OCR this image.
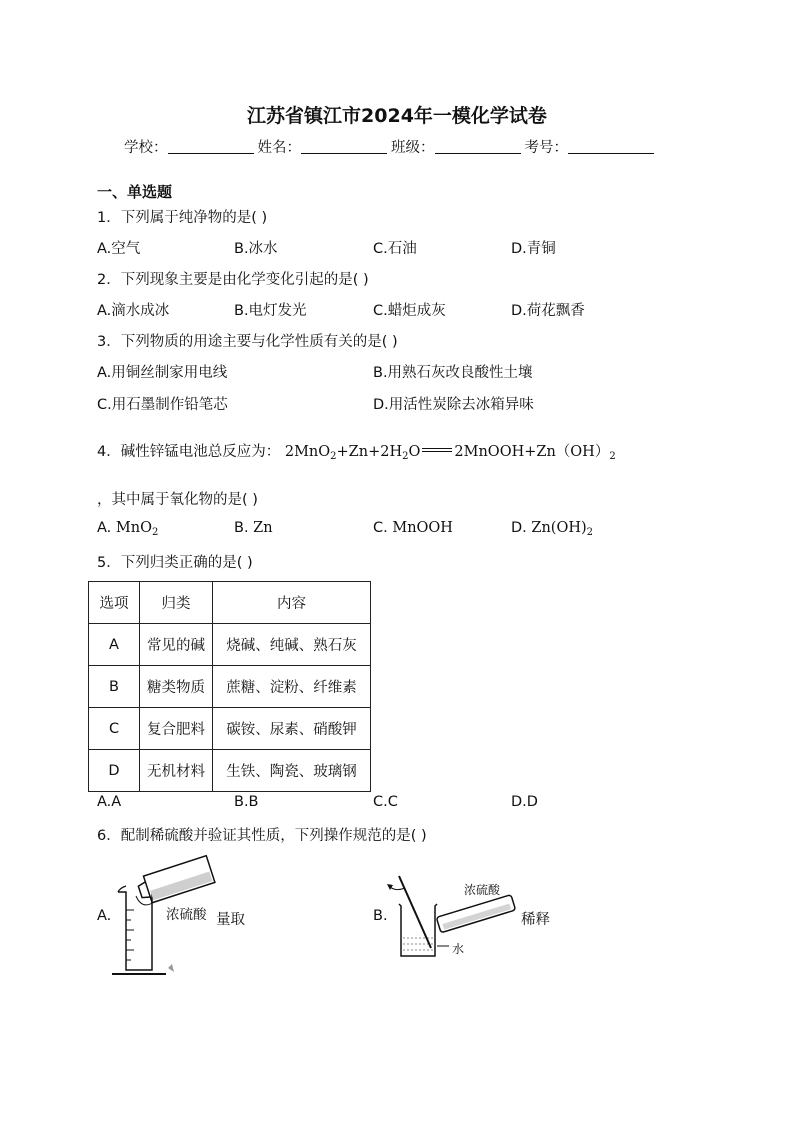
江苏省镇江市2024年一模化学试卷
学校：	姓名：	班级：	考号：
一、单选题
1．下列属于纯净物的是( )
A.空气	B.冰水	C.石油	D.青铜
2．下列现象主要是由化学变化引起的是( )
A.滴水成冰	B.电灯发光	C.蜡炬成灰	D.荷花飘香
3．下列物质的用途主要与化学性质有关的是( )
A.用铜丝制家用电线	B.用熟石灰改良酸性土壤
C.用石墨制作铅笔芯	D.用活性炭除去冰箱异味
4．碱性锌锰电池总反应为： $2MnO_2+Zn+2H_2O$ $2MnOOH+Zn(OH)_2$
，其中属于氧化物的是( )
A. MnO$_2$	B. Zn	C. MnOOH	D. $Zn(OH)_2$
5．下列归类正确的是( )
选项	归类	内容
A	常见的碱	烧碱、纯碱、熟石灰
B	糖类物质	蔗糖、淀粉、纤维素
C	复合肥料	碳铵、尿素、硝酸钾
D	无机材料	生铁、陶瓷、玻璃钢
A.A	B.B	C.C	D.D
6．配制稀硫酸并验证其性质，下列操作规范的是( )
A.	浓硫酸 量取	B.
浓硫酸
水
稀释
